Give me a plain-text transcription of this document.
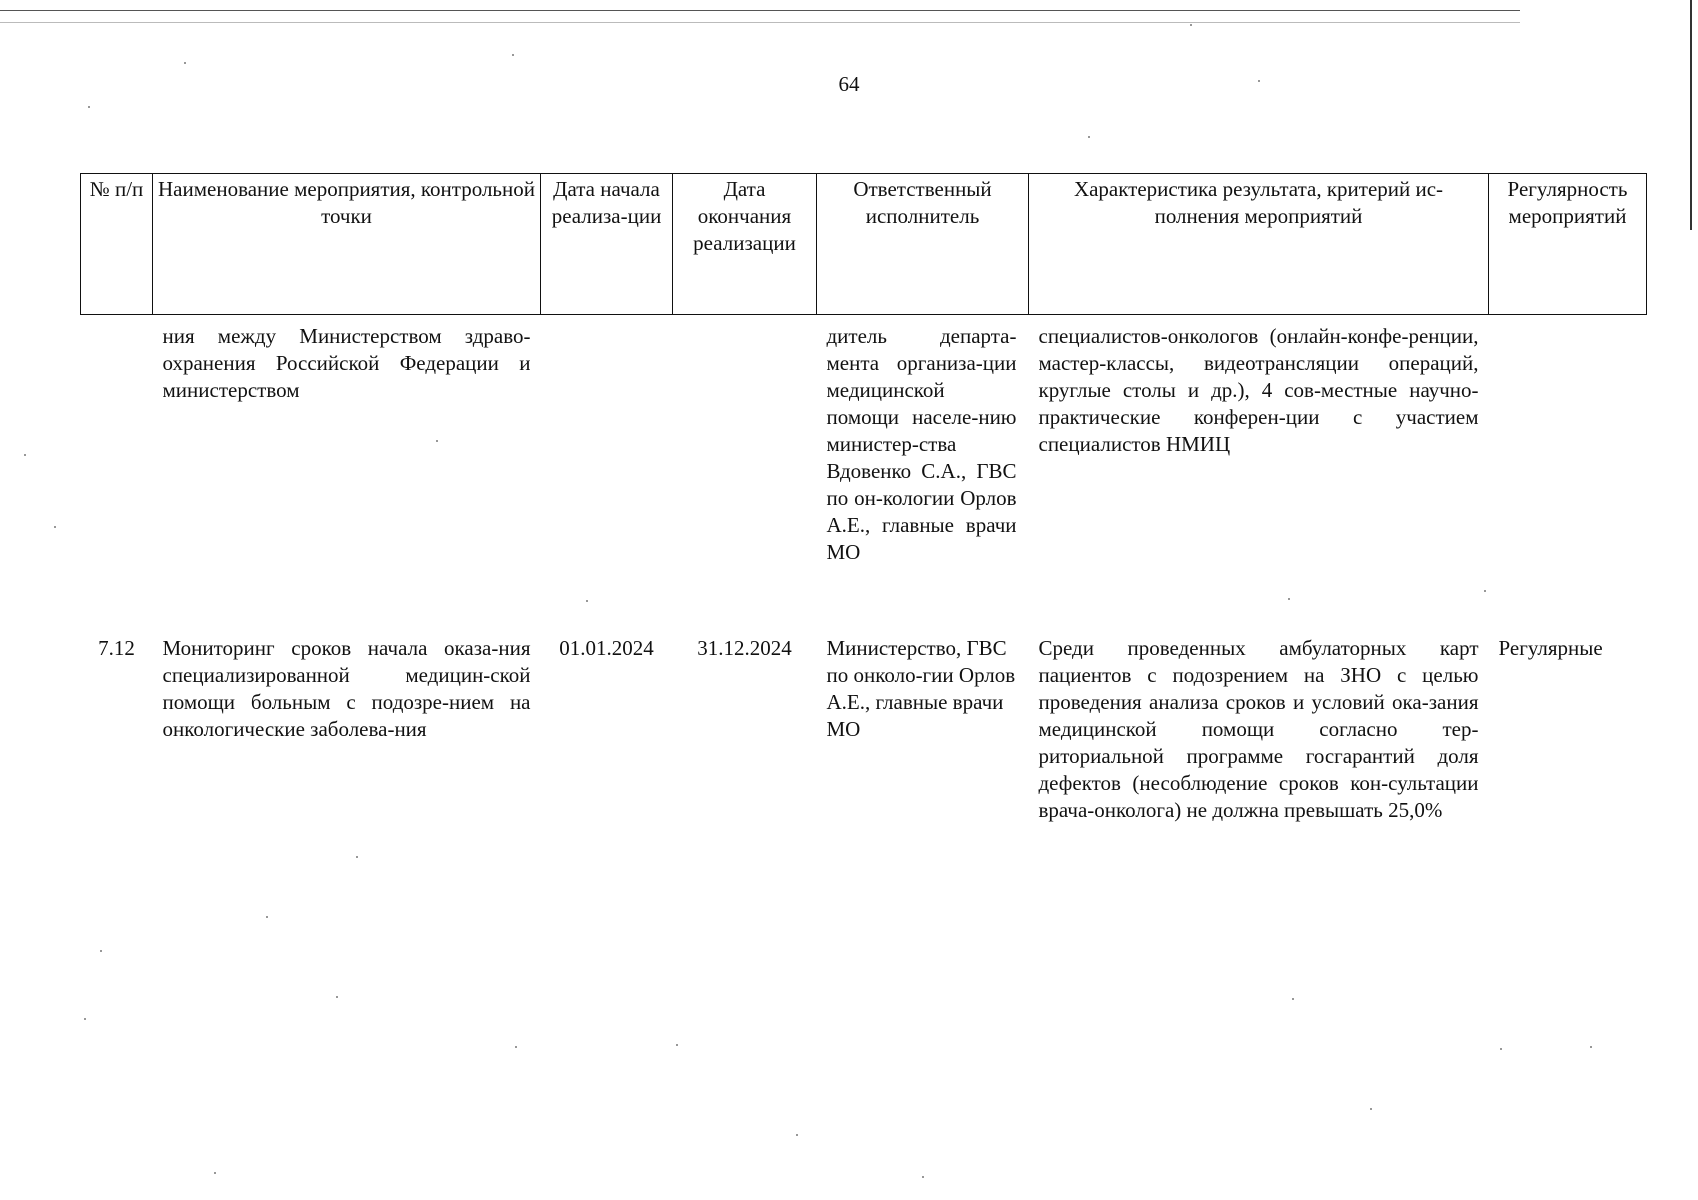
64
№ п/п	Наименование мероприятия, контрольной точки	Дата начала реализа-ции	Дата окончания реализации	Ответственный исполнитель	Характеристика результата, критерий ис-полнения мероприятий	Регулярность мероприятий
	ния между Министерством здраво-охранения Российской Федерации и министерством			дитель департа-мента организа-ции медицинской помощи населе-нию министер-ства Вдовенко С.А., ГВС по он-кологии Орлов А.Е., главные врачи МО	специалистов-онкологов (онлайн-конфе-ренции, мастер-классы, видеотрансляции операций, круглые столы и др.), 4 сов-местные научно-практические конферен-ции с участием специалистов НМИЦ	
7.12	Мониторинг сроков начала оказа-ния специализированной медицин-ской помощи больным с подозре-нием на онкологические заболева-ния	01.01.2024	31.12.2024	Министерство, ГВС по онколо-гии Орлов А.Е., главные врачи МО	Среди проведенных амбулаторных карт пациентов с подозрением на ЗНО с целью проведения анализа сроков и условий ока-зания медицинской помощи согласно тер-риториальной программе госгарантий доля дефектов (несоблюдение сроков кон-сультации врача-онколога) не должна превышать 25,0%	Регулярные
